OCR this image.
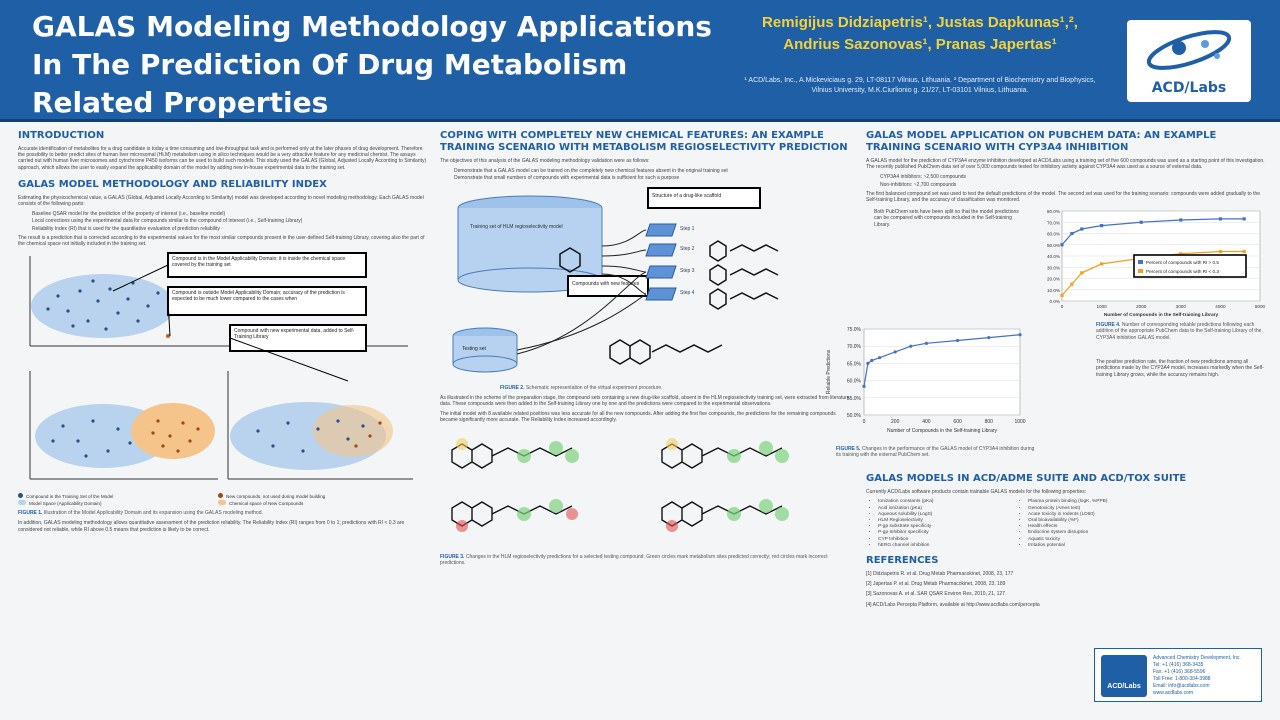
GALAS Modeling Methodology Applications In The Prediction Of Drug Metabolism Related Properties
Remigijus Didziapetris¹, Justas Dapkunas¹,²,
Andrius Sazonovas¹, Pranas Japertas¹
¹ ACD/Labs, Inc., A.Mickeviciaus g. 29, LT-08117 Vilnius, Lithuania. ² Department of Biochemistry and Biophysics, Vilnius University, M.K.Ciurlionio g. 21/27, LT-03101 Vilnius, Lithuania.	ACD/Labs
INTRODUCTION

Accurate identification of metabolites for a drug candidate is today a time consuming and low-throughput task and is performed only at the later phases of drug development. Therefore the possibility to better predict sites of human liver microsomal (HLM) metabolism using in silico techniques would be a very attractive feature for any medicinal chemist. The assays carried out with human liver microsomes and cytochrome P450 isoforms can be used to build such models. This study used the GALAS (Global, Adjusted Locally According to Similarity) approach, which allows the user to easily expand the applicability domain of the model by adding new in-house experimental data to the training set.

GALAS MODEL METHODOLOGY AND RELIABILITY INDEX

Estimating the physicochemical value, a GALAS (Global, Adjusted Locally According to Similarity) model was developed according to novel modeling methodology. Each GALAS model consists of the following parts:

Baseline QSAR model for the prediction of the property of interest (i.e., baseline model)
Local corrections using the experimental data for compounds similar to the compound of interest (i.e., Self-training Library)
Reliability Index (RI) that is used for the quantitative evaluation of prediction reliability

The result is a prediction that is corrected according to the experimental values for the most similar compounds present in the user-defined Self-training Library, covering also the part of the chemical space not initially included in the training set.

Compound is in the Model Applicability Domain; it is inside the chemical space covered by the training set
Compound is outside Model Applicability Domain; accuracy of the prediction is expected to be much lower compared to the cases when
Compound with new experimental data, added to Self-Training Library
Compound in the Training Set of the Model	New compounds, not used during model building
Model Space (Applicability Domain)	Chemical space of New Compounds

FIGURE 1. Illustration of the Model Applicability Domain and its expansion using the GALAS modeling method.

In addition, GALAS modeling methodology allows quantitative assessment of the prediction reliability. The Reliability Index (RI) ranges from 0 to 1; predictions with RI < 0.3 are considered not reliable, while RI above 0.5 means that prediction is likely to be correct.

COPING WITH COMPLETELY NEW CHEMICAL FEATURES: AN EXAMPLE TRAINING SCENARIO WITH METABOLISM REGIOSELECTIVITY PREDICTION

The objectives of this analysis of the GALAS modeling methodology validation were as follows:

Demonstrate that a GALAS model can be trained on the completely new chemical features absent in the original training set
Demonstrate that small numbers of compounds with experimental data is sufficient for such a purpose
Training set of HLM regioselectivity model
Structure of a drug-like scaffold
Compounds with new features
Testing set
Step 1
Step 2
Step 3
Step 4

FIGURE 2. Schematic representation of the virtual experiment procedure.

As illustrated in the scheme of the preparation stage, the compound sets containing a new drug-like scaffold, absent in the HLM regioselectivity training set, were extracted from literature data. These compounds were then added to the Self-training Library one by one and the predictions were compared to the experimental observations.

The initial model with 8 available related positions was less accurate for all the new compounds. After adding the first five compounds, the predictions for the remaining compounds became significantly more accurate. The Reliability Index increased accordingly.

FIGURE 3. Changes in the HLM regioselectivity predictions for a selected testing compound. Green circles mark metabolism sites predicted correctly; red circles mark incorrect predictions.

GALAS MODEL APPLICATION ON PUBCHEM DATA: AN EXAMPLE TRAINING SCENARIO WITH CYP3A4 INHIBITION

A GALAS model for the prediction of CYP3A4 enzyme inhibition developed at ACD/Labs using a training set of five 600 compounds was used as a starting point of this investigation. The recently published PubChem data set of over 5,000 compounds tested for inhibitory activity against CYP3A4 was used as a source of external data.

CYP3A4 inhibitors: ~2,500 compounds
Non-inhibitors: ~2,700 compounds

The first balanced compound set was used to test the default predictions of the model. The second set was used for the training scenario: compounds were added gradually to the Self-training Library, and the accuracy of classification was monitored.

Both PubChem sets have been split so that the model predictions can be compared with compounds included in the Self-training Library.

0.0%
10.0%
20.0%
30.0%
40.0%
50.0%
60.0%
70.0%
80.0%
0	1000	2000	3000	4000	5000
Percent of compounds with RI > 0.5
Percent of compounds with RI < 0.3
Number of Compounds in the Self-training Library
50.0%
55.0%
60.0%
65.0%
70.0%
75.0%
0	200	400	600	800	1000
Number of Compounds in the Self-training Library
Reliable Predictions

FIGURE 4. Number of corresponding reliable predictions following each addition of the appropriate PubChem data to the Self-training Library of the CYP3A4 inhibition GALAS model.

The positive prediction rate, the fraction of new predictions among all predictions made by the CYP3A4 model, increases markedly when the Self-training Library grows, while the accuracy remains high.

FIGURE 5. Changes in the performance of the GALAS model of CYP3A4 inhibition during its training with the external PubChem set.

GALAS MODELS IN ACD/ADME SUITE AND ACD/TOX SUITE

Currently ACD/Labs software products contain trainable GALAS models for the following properties:

• Ionization constants (pKa)
• Acid ionization (pKa)
• Aqueous solubility (LogS)
• HLM Regioselectivity
• P-gp substrate specificity
• P-gp Inhibitor specificity
• CYP Inhibition
• hERG channel inhibition
• Plasma protein binding (logK, %PPB)
• Genotoxicity (Ames test)
• Acute toxicity in rodents (LD50)
• Oral bioavailability (%F)
• Health effects
• Endocrine system disruption
• Aquatic toxicity
• Irritation potential
REFERENCES

[1] Didziapetris R. et al. Drug Metab Pharmacokinet, 2008, 23, 177

[2] Japertas P. et al. Drug Metab Pharmacokinet, 2008, 23, 189

[3] Sazonovas A. et al. SAR QSAR Environ Res, 2010, 21, 127

[4] ACD/Labs Percepta Platform, available at http://www.acdlabs.com/percepta

ACD/Labs
Advanced Chemistry Development, Inc.
Tel: +1 (416) 368-3435
Fax: +1 (416) 368-5596
Toll Free: 1-800-304-3988
Email: info@acdlabs.com
www.acdlabs.com
